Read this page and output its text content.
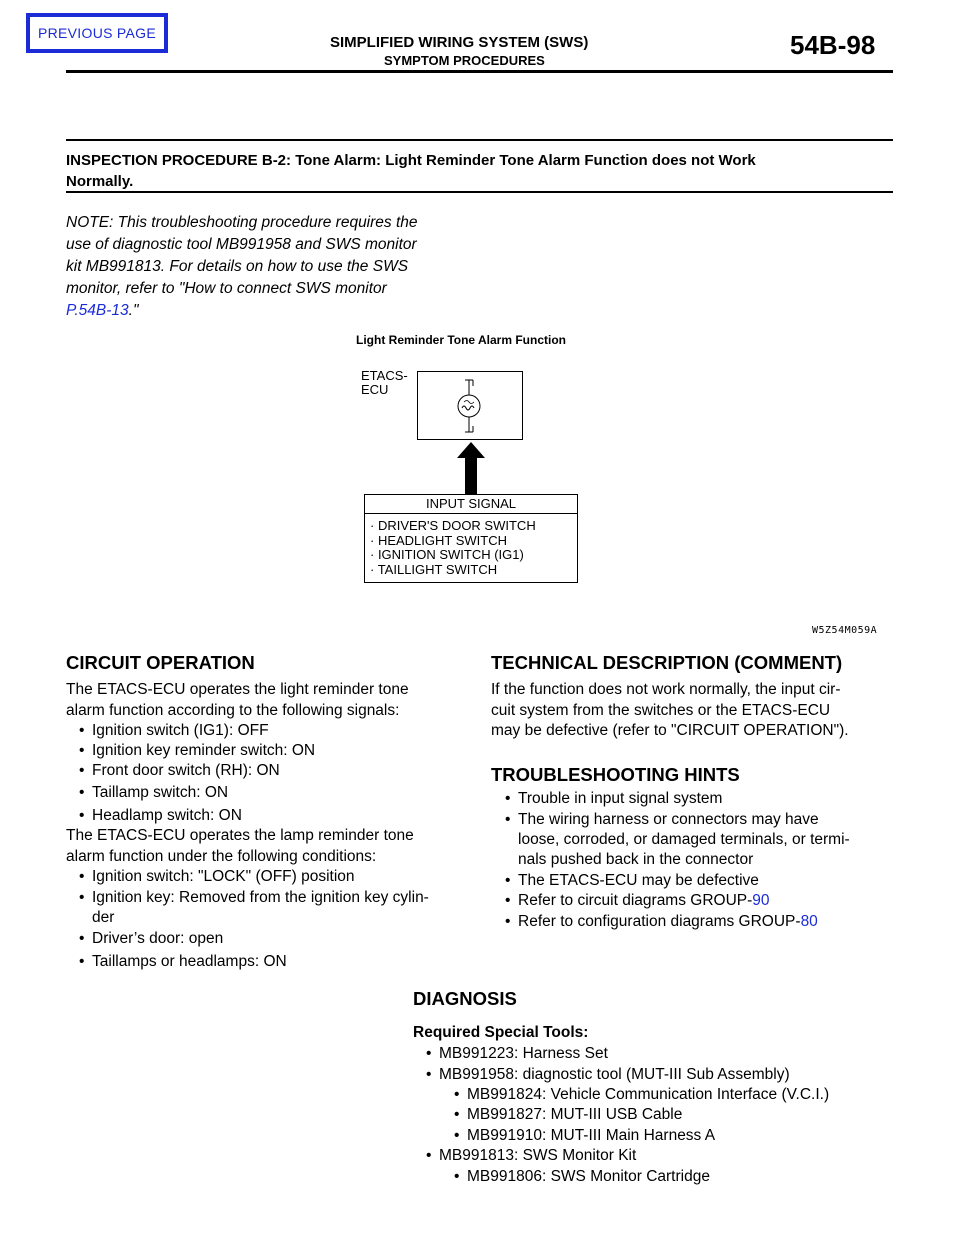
PREVIOUS PAGE
SIMPLIFIED WIRING SYSTEM (SWS)
SYMPTOM PROCEDURES
54B-98
INSPECTION PROCEDURE B-2: Tone Alarm: Light Reminder Tone Alarm Function does not Work
Normally.
NOTE: This troubleshooting procedure requires the
use of diagnostic tool MB991958 and SWS monitor
kit MB991813. For details on how to use the SWS
monitor, refer to "How to connect SWS monitor
P.54B-13."
Light Reminder Tone Alarm Function
ETACS-
ECU
INPUT SIGNAL
· DRIVER'S DOOR SWITCH
· HEADLIGHT SWITCH
· IGNITION SWITCH (IG1)
· TAILLIGHT SWITCH
W5Z54M059A
CIRCUIT OPERATION
The ETACS-ECU operates the light reminder tone
alarm function according to the following signals:
• Ignition switch (IG1): OFF
• Ignition key reminder switch: ON
• Front door switch (RH): ON
• Taillamp switch: ON
• Headlamp switch: ON
The ETACS-ECU operates the lamp reminder tone
alarm function under the following conditions:
• Ignition switch: "LOCK" (OFF) position
• Ignition key: Removed from the ignition key cylin-
der
• Driver’s door: open
• Taillamps or headlamps: ON
TECHNICAL DESCRIPTION (COMMENT)
If the function does not work normally, the input cir-
cuit system from the switches or the ETACS-ECU
may be defective (refer to "CIRCUIT OPERATION").
TROUBLESHOOTING HINTS
• Trouble in input signal system
• The wiring harness or connectors may have
loose, corroded, or damaged terminals, or termi-
nals pushed back in the connector
• The ETACS-ECU may be defective
• Refer to circuit diagrams GROUP-90
• Refer to configuration diagrams GROUP-80
DIAGNOSIS
Required Special Tools:
• MB991223: Harness Set
• MB991958: diagnostic tool (MUT-III Sub Assembly)
• MB991824: Vehicle Communication Interface (V.C.I.)
• MB991827: MUT-III USB Cable
• MB991910: MUT-III Main Harness A
• MB991813: SWS Monitor Kit
• MB991806: SWS Monitor Cartridge
